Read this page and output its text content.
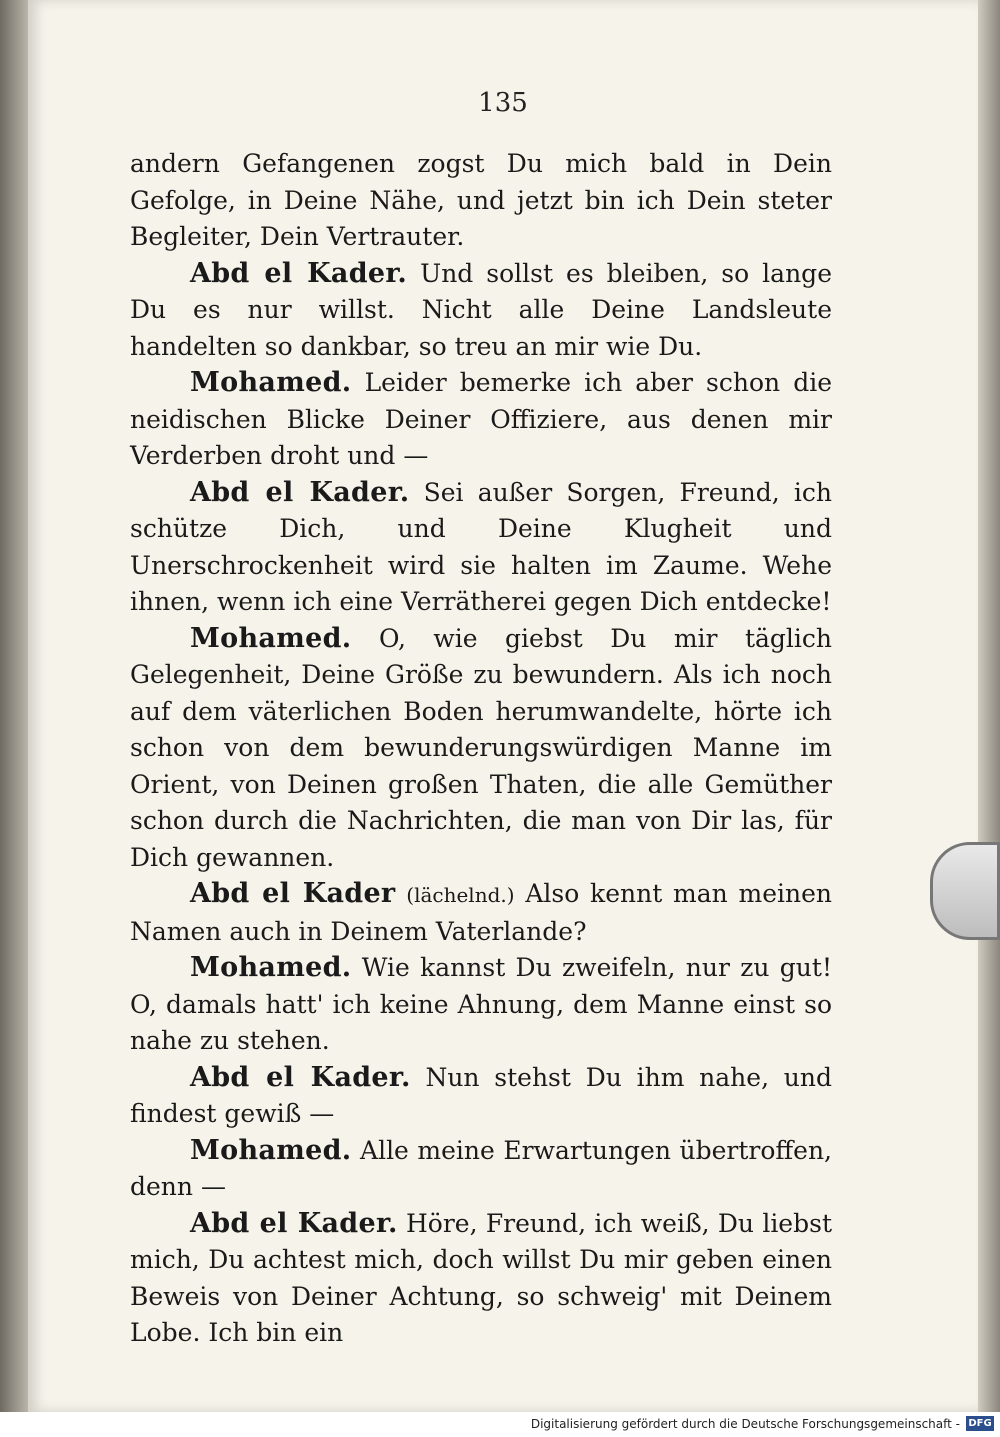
135

andern Gefangenen zogst Du mich bald in Dein Gefolge, in Deine Nähe, und jetzt bin ich Dein steter Begleiter, Dein Vertrauter.

Abd el Kader. Und sollst es bleiben, so lange Du es nur willst. Nicht alle Deine Landsleute handelten so dankbar, so treu an mir wie Du.

Mohamed. Leider bemerke ich aber schon die neidischen Blicke Deiner Offiziere, aus denen mir Verderben droht und —

Abd el Kader. Sei außer Sorgen, Freund, ich schütze Dich, und Deine Klugheit und Unerschrockenheit wird sie halten im Zaume. Wehe ihnen, wenn ich eine Verrätherei gegen Dich entdecke!

Mohamed. O, wie giebst Du mir täglich Gelegenheit, Deine Größe zu bewundern. Als ich noch auf dem väterlichen Boden herumwandelte, hörte ich schon von dem bewunderungswürdigen Manne im Orient, von Deinen großen Thaten, die alle Gemüther schon durch die Nachrichten, die man von Dir las, für Dich gewannen.

Abd el Kader (lächelnd.) Also kennt man meinen Namen auch in Deinem Vaterlande?

Mohamed. Wie kannst Du zweifeln, nur zu gut! O, damals hatt' ich keine Ahnung, dem Manne einst so nahe zu stehen.

Abd el Kader. Nun stehst Du ihm nahe, und findest gewiß —

Mohamed. Alle meine Erwartungen übertroffen, denn —

Abd el Kader. Höre, Freund, ich weiß, Du liebst mich, Du achtest mich, doch willst Du mir geben einen Beweis von Deiner Achtung, so schweig' mit Deinem Lobe. Ich bin ein

Digitalisierung gefördert durch die Deutsche Forschungsgemeinschaft - DFG
